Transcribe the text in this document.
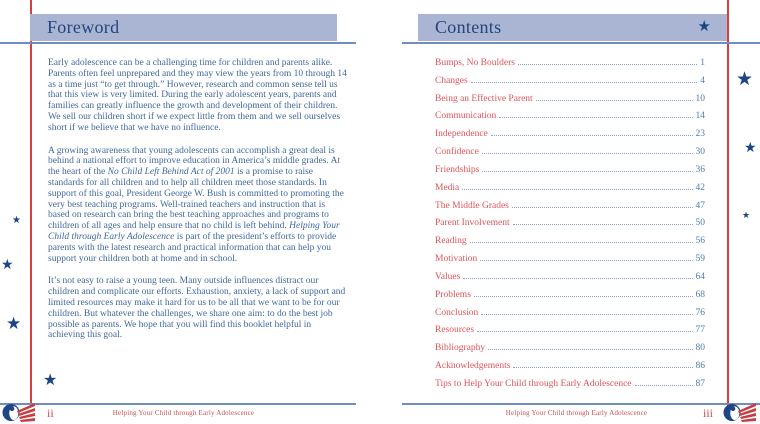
Foreword

Early adolescence can be a challenging time for children and parents alike. Parents often feel unprepared and they may view the years from 10 through 14 as a time just “to get through.” However, research and common sense tell us that this view is very limited. During the early adolescent years, parents and families can greatly influence the growth and development of their children. We sell our children short if we expect little from them and we sell ourselves short if we believe that we have no influence.

A growing awareness that young adolescents can accomplish a great deal is behind a national effort to improve education in America’s middle grades. At the heart of the No Child Left Behind Act of 2001 is a promise to raise standards for all children and to help all children meet those standards. In support of this goal, President George W. Bush is committed to promoting the very best teaching programs. Well-trained teachers and instruction that is based on research can bring the best teaching approaches and programs to children of all ages and help ensure that no child is left behind. Helping Your Child through Early Adolescence is part of the president’s efforts to provide parents with the latest research and practical information that can help you support your children both at home and in school.

It’s not easy to raise a young teen. Many outside influences distract our children and complicate our efforts. Exhaustion, anxiety, a lack of support and limited resources may make it hard for us to be all that we want to be for our children. But whatever the challenges, we share one aim: to do the best job possible as parents. We hope that you will find this booklet helpful in achieving this goal.

★
★
★
★
ii	Helping Your Child through Early Adolescence
Contents	★
Bumps, No Boulders	1
Changes	4
Being an Effective Parent	10
Communication	14
Independence	23
Confidence	30
Friendships	36
Media	42
The Middle Grades	47
Parent Involvement	50
Reading	56
Motivation	59
Values	64
Problems	68
Conclusion	76
Resources	77
Bibliography	80
Acknowledgements	86
Tips to Help Your Child through Early Adolescence	87
★
★
★
iii
Helping Your Child through Early Adolescence
